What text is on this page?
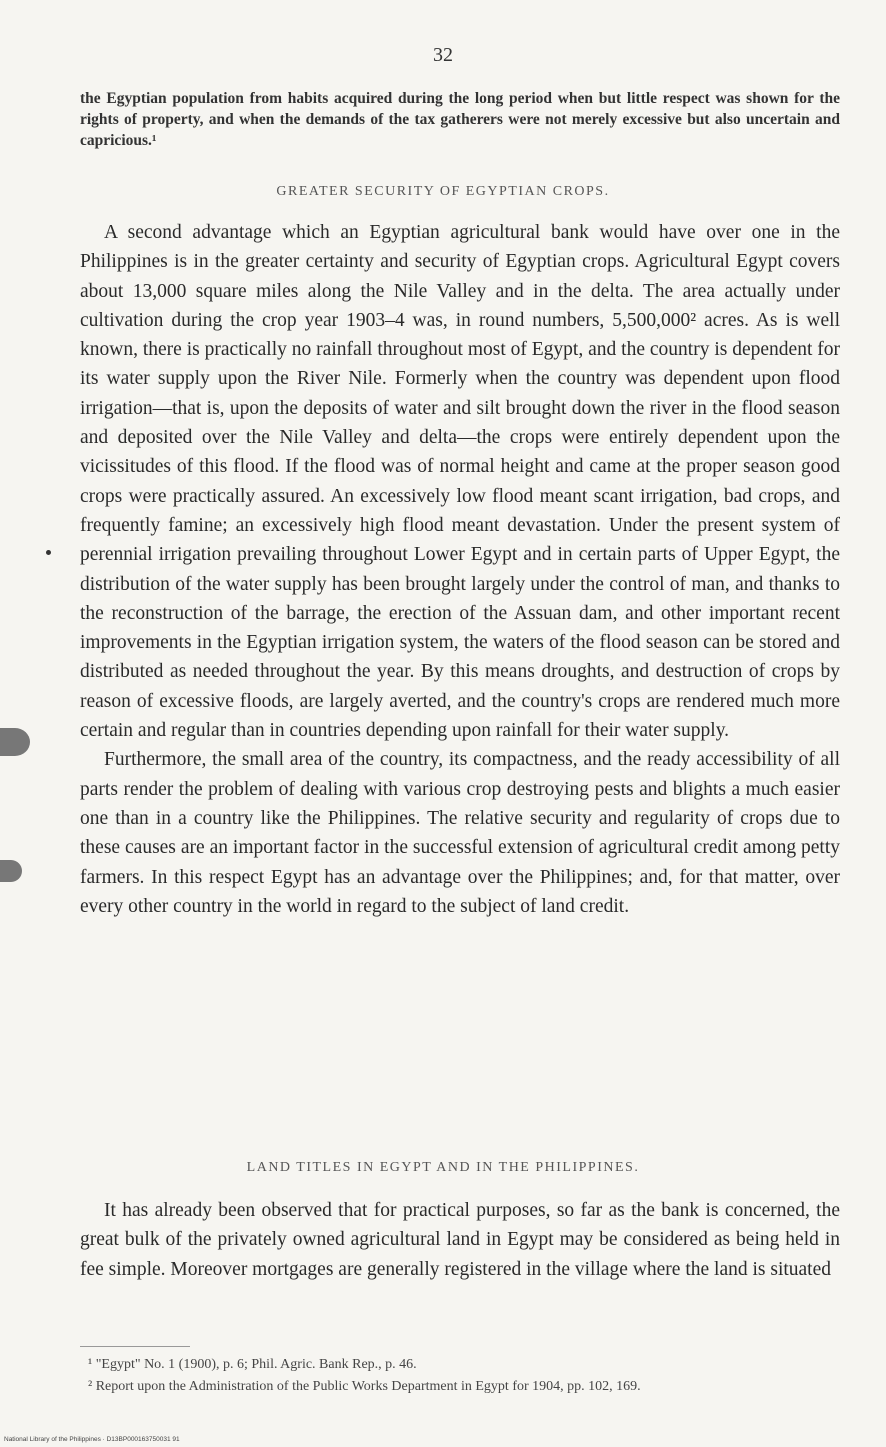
32
the Egyptian population from habits acquired during the long period when but little respect was shown for the rights of property, and when the demands of the tax gatherers were not merely excessive but also uncertain and capricious.¹
GREATER SECURITY OF EGYPTIAN CROPS.

A second advantage which an Egyptian agricultural bank would have over one in the Philippines is in the greater certainty and security of Egyptian crops. Agricultural Egypt covers about 13,000 square miles along the Nile Valley and in the delta. The area actually under cultivation during the crop year 1903–4 was, in round numbers, 5,500,000² acres. As is well known, there is practically no rainfall throughout most of Egypt, and the country is dependent for its water supply upon the River Nile. Formerly when the country was dependent upon flood irrigation—that is, upon the deposits of water and silt brought down the river in the flood season and deposited over the Nile Valley and delta—the crops were entirely dependent upon the vicissitudes of this flood. If the flood was of normal height and came at the proper season good crops were practically assured. An excessively low flood meant scant irrigation, bad crops, and frequently famine; an excessively high flood meant devastation. Under the present system of perennial irrigation prevailing throughout Lower Egypt and in certain parts of Upper Egypt, the distribution of the water supply has been brought largely under the control of man, and thanks to the reconstruction of the barrage, the erection of the Assuan dam, and other important recent improvements in the Egyptian irrigation system, the waters of the flood season can be stored and distributed as needed throughout the year. By this means droughts, and destruction of crops by reason of excessive floods, are largely averted, and the country's crops are rendered much more certain and regular than in countries depending upon rainfall for their water supply.

Furthermore, the small area of the country, its compactness, and the ready accessibility of all parts render the problem of dealing with various crop destroying pests and blights a much easier one than in a country like the Philippines. The relative security and regularity of crops due to these causes are an important factor in the successful extension of agricultural credit among petty farmers. In this respect Egypt has an advantage over the Philippines; and, for that matter, over every other country in the world in regard to the subject of land credit.

LAND TITLES IN EGYPT AND IN THE PHILIPPINES.

It has already been observed that for practical purposes, so far as the bank is concerned, the great bulk of the privately owned agricultural land in Egypt may be considered as being held in fee simple. Moreover mortgages are generally registered in the village where the land is situated

¹ "Egypt" No. 1 (1900), p. 6; Phil. Agric. Bank Rep., p. 46.

² Report upon the Administration of the Public Works Department in Egypt for 1904, pp. 102, 169.

National Library of the Philippines · D13BP000163750031 91
